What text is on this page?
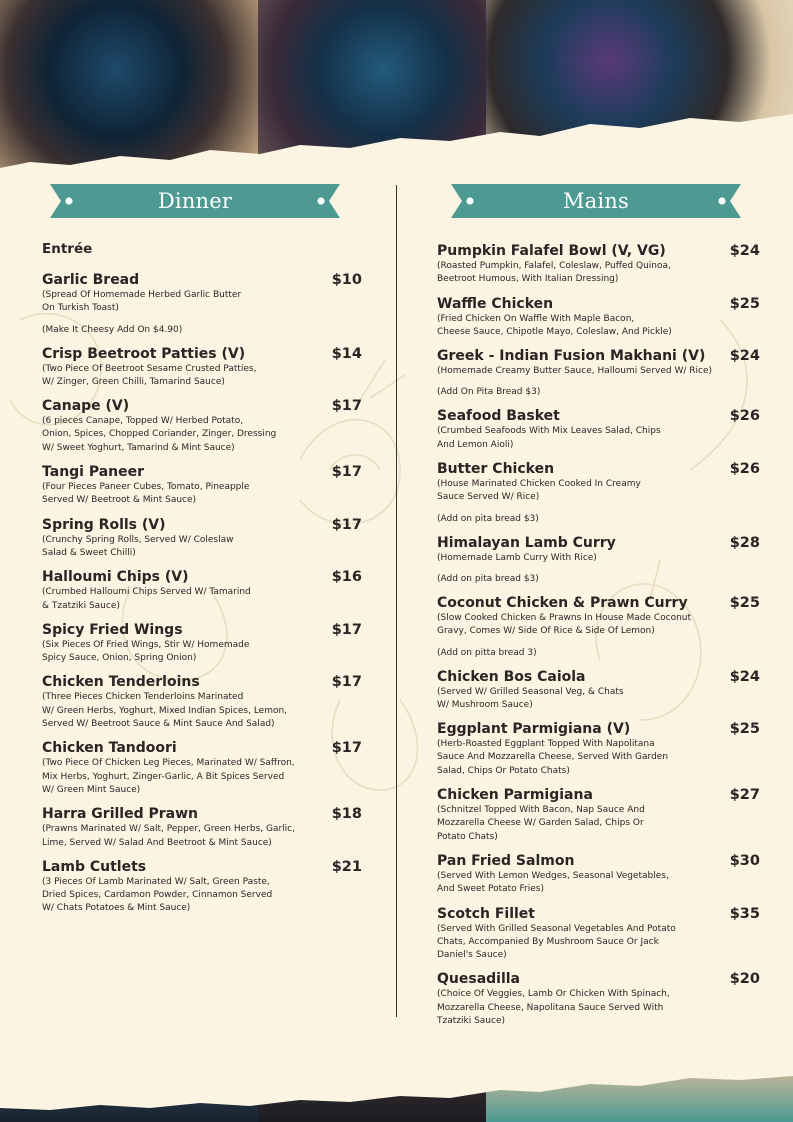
Dinner	Mains
Entrée
Garlic Bread	$10
(Spread Of Homemade Herbed Garlic Butter
On Turkish Toast)
(Make It Cheesy Add On $4.90)
Crisp Beetroot Patties (V)	$14
(Two Piece Of Beetroot Sesame Crusted Patties,
W/ Zinger, Green Chilli, Tamarind Sauce)
Canape (V)	$17
(6 pieces Canape, Topped W/ Herbed Potato,
Onion, Spices, Chopped Coriander, Zinger, Dressing
W/ Sweet Yoghurt, Tamarind & Mint Sauce)
Tangi Paneer	$17
(Four Pieces Paneer Cubes, Tomato, Pineapple
Served W/ Beetroot & Mint Sauce)
Spring Rolls (V)	$17
(Crunchy Spring Rolls, Served W/ Coleslaw
Salad & Sweet Chilli)
Halloumi Chips (V)	$16
(Crumbed Halloumi Chips Served W/ Tamarind
& Tzatziki Sauce)
Spicy Fried Wings	$17
(Six Pieces Of Fried Wings, Stir W/ Homemade
Spicy Sauce, Onion, Spring Onion)
Chicken Tenderloins	$17
(Three Pieces Chicken Tenderloins Marinated
W/ Green Herbs, Yoghurt, Mixed Indian Spices, Lemon,
Served W/ Beetroot Sauce & Mint Sauce And Salad)
Chicken Tandoori	$17
(Two Piece Of Chicken Leg Pieces, Marinated W/ Saffron,
Mix Herbs, Yoghurt, Zinger-Garlic, A Bit Spices Served
W/ Green Mint Sauce)
Harra Grilled Prawn	$18
(Prawns Marinated W/ Salt, Pepper, Green Herbs, Garlic,
Lime, Served W/ Salad And Beetroot & Mint Sauce)
Lamb Cutlets	$21
(3 Pieces Of Lamb Marinated W/ Salt, Green Paste,
Dried Spices, Cardamon Powder, Cinnamon Served
W/ Chats Potatoes & Mint Sauce)
Pumpkin Falafel Bowl (V, VG)	$24
(Roasted Pumpkin, Falafel, Coleslaw, Puffed Quinoa,
Beetroot Humous, With Italian Dressing)
Waffle Chicken	$25
(Fried Chicken On Waffle With Maple Bacon,
Cheese Sauce, Chipotle Mayo, Coleslaw, And Pickle)
Greek - Indian Fusion Makhani (V) $24
(Homemade Creamy Butter Sauce, Halloumi Served W/ Rice)
(Add On Pita Bread $3)
Seafood Basket	$26
(Crumbed Seafoods With Mix Leaves Salad, Chips
And Lemon Aioli)
Butter Chicken	$26
(House Marinated Chicken Cooked In Creamy
Sauce Served W/ Rice)
(Add on pita bread $3)
Himalayan Lamb Curry	$28
(Homemade Lamb Curry With Rice)
(Add on pita bread $3)
Coconut Chicken & Prawn Curry	$25
(Slow Cooked Chicken & Prawns In House Made Coconut
Gravy, Comes W/ Side Of Rice & Side Of Lemon)
(Add on pitta bread 3)
Chicken Bos Caiola	$24
(Served W/ Grilled Seasonal Veg, & Chats
W/ Mushroom Sauce)
Eggplant Parmigiana (V)	$25
(Herb-Roasted Eggplant Topped With Napolitana
Sauce And Mozzarella Cheese, Served With Garden
Salad, Chips Or Potato Chats)
Chicken Parmigiana	$27
(Schnitzel Topped With Bacon, Nap Sauce And
Mozzarella Cheese W/ Garden Salad, Chips Or
Potato Chats)
Pan Fried Salmon	$30
(Served With Lemon Wedges, Seasonal Vegetables,
And Sweet Potato Fries)
Scotch Fillet	$35
(Served With Grilled Seasonal Vegetables And Potato
Chats, Accompanied By Mushroom Sauce Or Jack
Daniel's Sauce)
Quesadilla	$20
(Choice Of Veggies, Lamb Or Chicken With Spinach,
Mozzarella Cheese, Napolitana Sauce Served With
Tzatziki Sauce)
